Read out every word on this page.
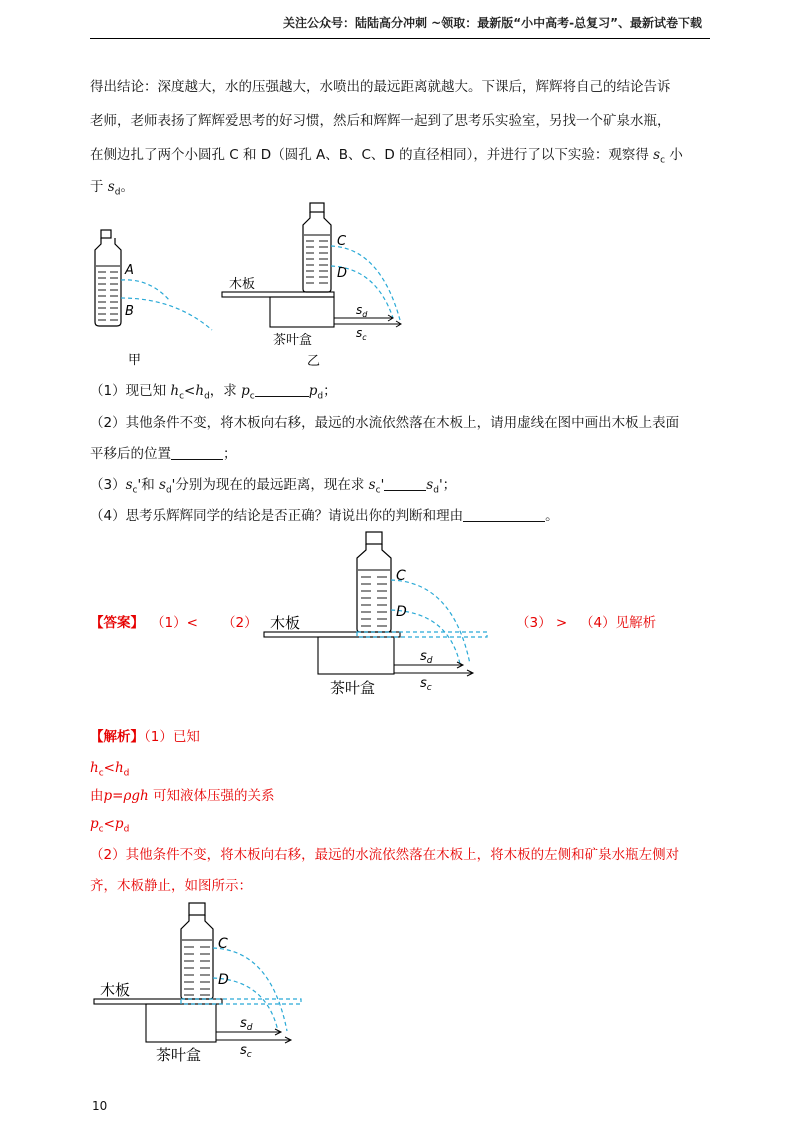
关注公众号：陆陆高分冲刺 ~领取：最新版“小中高考-总复习”、最新试卷下载
得出结论：深度越大，水的压强越大，水喷出的最远距离就越大。下课后，辉辉将自己的结论告诉
老师，老师表扬了辉辉爱思考的好习惯，然后和辉辉一起到了思考乐实验室，另找一个矿泉水瓶，
在侧边扎了两个小圆孔 C 和 D（圆孔 A、B、C、D 的直径相同），并进行了以下实验：观察得 $s_c$ 小
于 $s_d$。
A
B
甲
木板
C
D
$s_d$
$s_c$
茶叶盒
乙
（1）现已知 $h_c<h_d$，求 $p_c$	$p_d$；
（2）其他条件不变，将木板向右移，最远的水流依然落在木板上，请用虚线在图中画出木板上表面
平移后的位置	；
$(3)s_c'$和 $s_d'$分别为现在的最远距离，现在求 $s_c'$	$s_d'$；
（4）思考乐辉辉同学的结论是否正确？请说出你的判断和理由	。
【答案】 （1）< （2）	（3） > （4）见解析
木板
C
D
$s_d$
$s_c$
茶叶盒
【解析】（1）已知
$h_c<h_d$
由p=ρgh 可知液体压强的关系
$p_c<p_d$
（2）其他条件不变，将木板向右移，最远的水流依然落在木板上，将木板的左侧和矿泉水瓶左侧对
齐，木板静止，如图所示：
木板
C
D
$s_d$
$s_c$
茶叶盒
10
